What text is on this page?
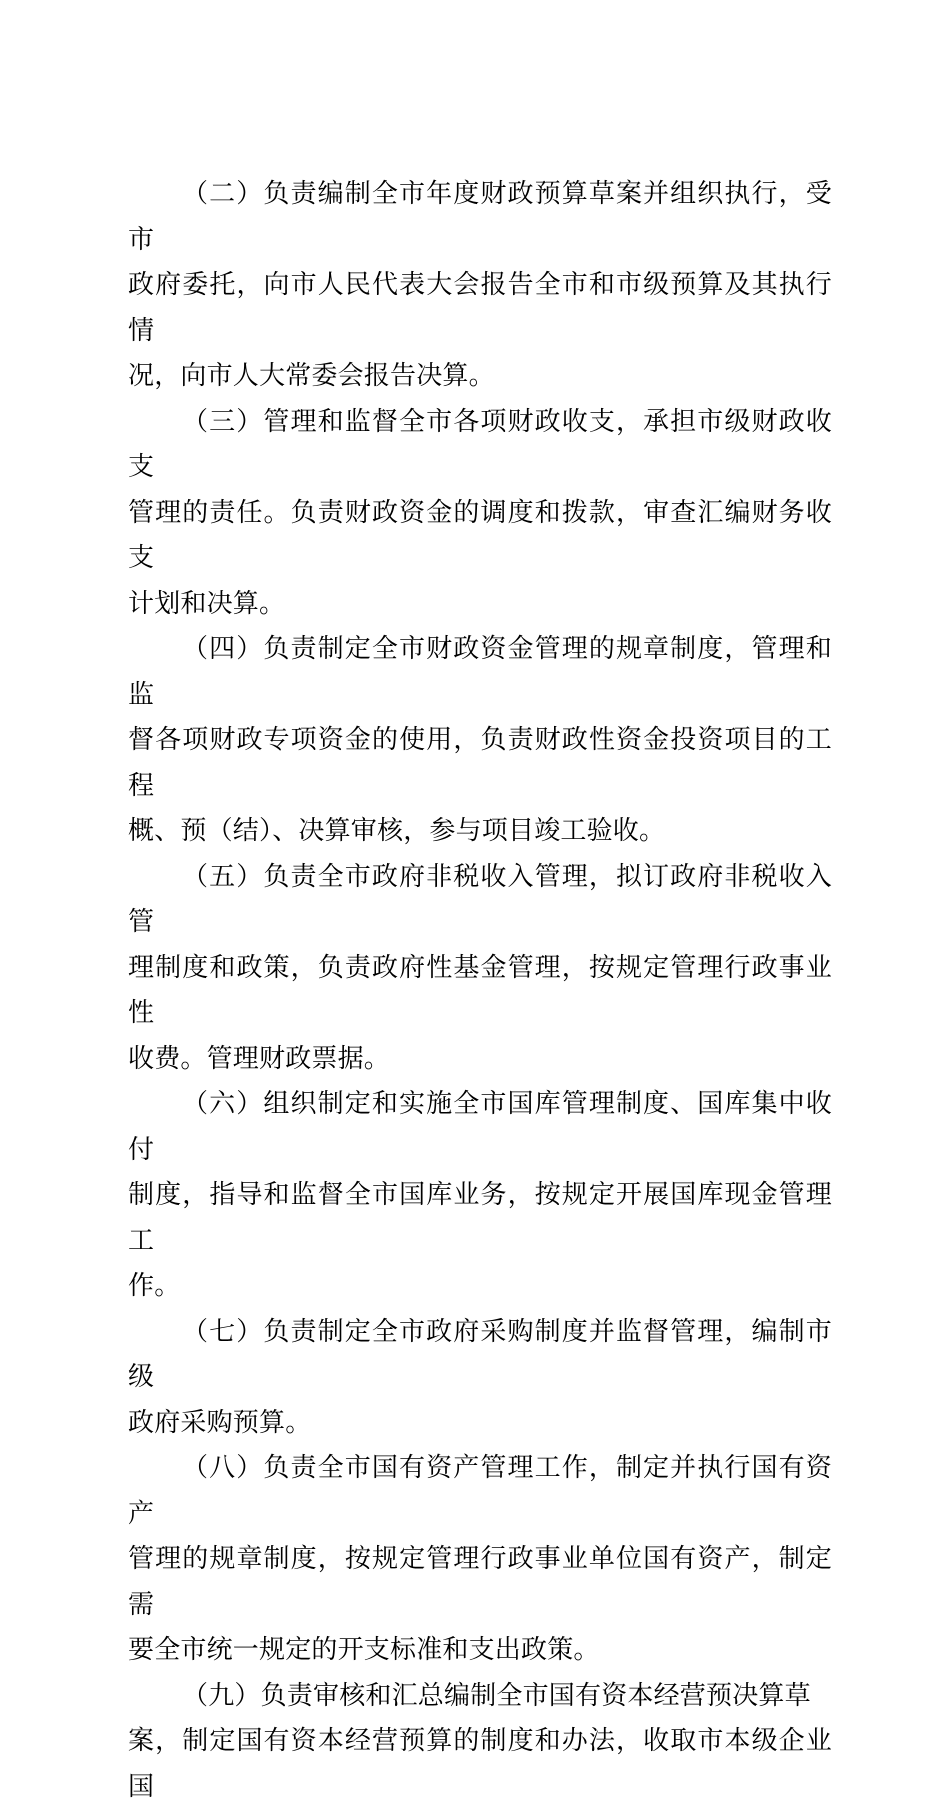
（二）负责编制全市年度财政预算草案并组织执行，受市
政府委托，向市人民代表大会报告全市和市级预算及其执行情
况，向市人大常委会报告决算。

（三）管理和监督全市各项财政收支，承担市级财政收支
管理的责任。负责财政资金的调度和拨款，审查汇编财务收支
计划和决算。

（四）负责制定全市财政资金管理的规章制度，管理和监
督各项财政专项资金的使用，负责财政性资金投资项目的工程
概、预（结）、决算审核，参与项目竣工验收。

（五）负责全市政府非税收入管理，拟订政府非税收入管
理制度和政策，负责政府性基金管理，按规定管理行政事业性
收费。管理财政票据。

（六）组织制定和实施全市国库管理制度、国库集中收付
制度，指导和监督全市国库业务，按规定开展国库现金管理工
作。

（七）负责制定全市政府采购制度并监督管理，编制市级
政府采购预算。

（八）负责全市国有资产管理工作，制定并执行国有资产
管理的规章制度，按规定管理行政事业单位国有资产，制定需
要全市统一规定的开支标准和支出政策。

（九）负责审核和汇总编制全市国有资本经营预决算草
案，制定国有资本经营预算的制度和办法，收取市本级企业国
